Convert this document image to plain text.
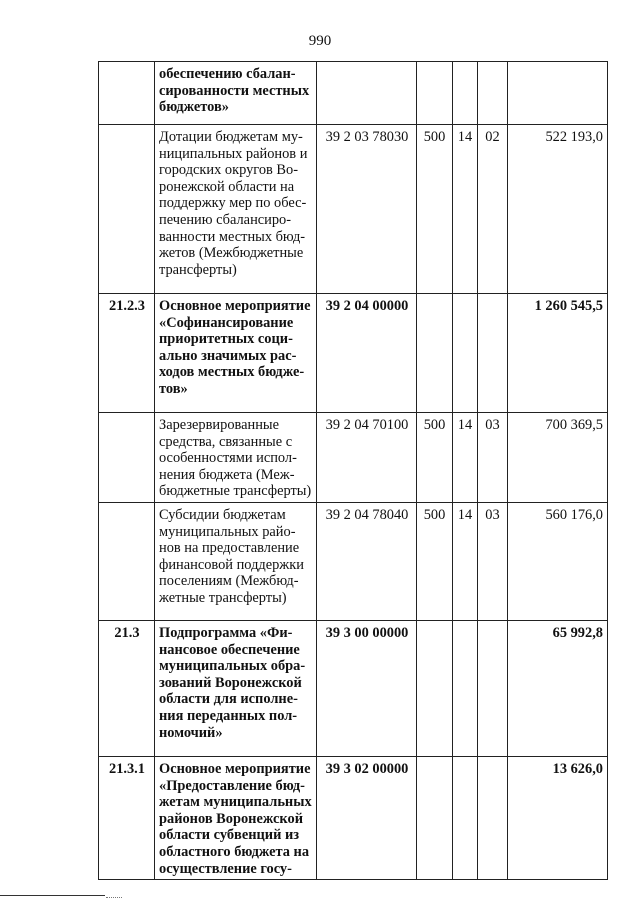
990
	обеспечению сбалан-сированности местных бюджетов»					
	Дотации бюджетам му-ниципальных районов и городских округов Во-ронежской области на поддержку мер по обес-печению сбалансиро-ванности местных бюд-жетов (Межбюджетные трансферты)	39 2 03 78030	500	14	02	522 193,0
21.2.3	Основное мероприятие «Софинансирование приоритетных соци-ально значимых рас-ходов местных бюдже-тов»	39 2 04 00000				1 260 545,5
	Зарезервированные средства, связанные с особенностями испол-нения бюджета (Меж-бюджетные трансферты)	39 2 04 70100	500	14	03	700 369,5
	Субсидии бюджетам муниципальных райо-нов на предоставление финансовой поддержки поселениям (Межбюд-жетные трансферты)	39 2 04 78040	500	14	03	560 176,0
21.3	Подпрограмма «Фи-нансовое обеспечение муниципальных обра-зований Воронежской области для исполне-ния переданных пол-номочий»	39 3 00 00000				65 992,8
21.3.1	Основное мероприятие «Предоставление бюд-жетам муниципальных районов Воронежской области субвенций из областного бюджета на осуществление госу-	39 3 02 00000				13 626,0
